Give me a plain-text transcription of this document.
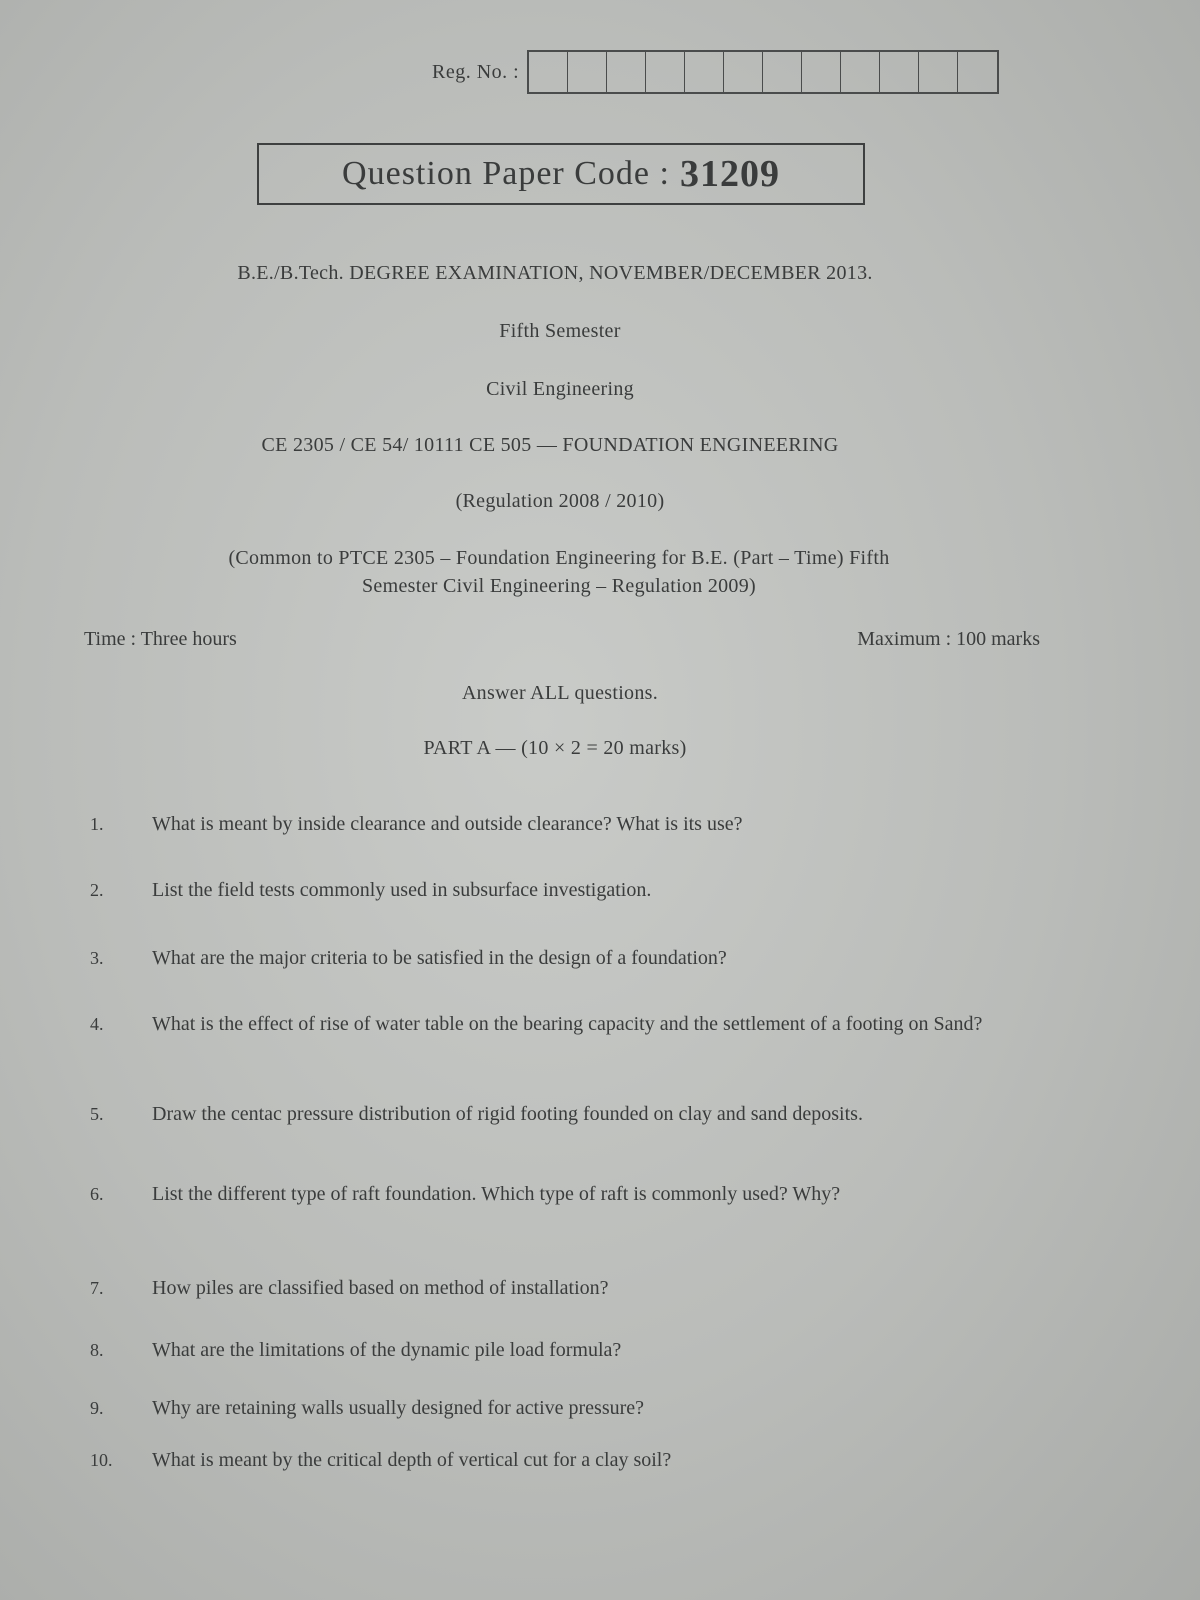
Reg. No. :
Question Paper Code : 31209
B.E./B.Tech. DEGREE EXAMINATION, NOVEMBER/DECEMBER 2013.
Fifth Semester
Civil Engineering
CE 2305 / CE 54/ 10111 CE 505 — FOUNDATION ENGINEERING
(Regulation 2008 / 2010)
(Common to PTCE 2305 – Foundation Engineering for B.E. (Part – Time) Fifth
Semester Civil Engineering – Regulation 2009)
Time : Three hours	Maximum : 100 marks
Answer ALL questions.
PART A — (10 × 2 = 20 marks)
1.	What is meant by inside clearance and outside clearance? What is its use?
2.	List the field tests commonly used in subsurface investigation.
3.	What are the major criteria to be satisfied in the design of a foundation?
4.	What is the effect of rise of water table on the bearing capacity and the settlement of a footing on Sand?
5.	Draw the centac pressure distribution of rigid footing founded on clay and sand deposits.
6.	List the different type of raft foundation. Which type of raft is commonly used? Why?
7.	How piles are classified based on method of installation?
8.	What are the limitations of the dynamic pile load formula?
9.	Why are retaining walls usually designed for active pressure?
10.	What is meant by the critical depth of vertical cut for a clay soil?
